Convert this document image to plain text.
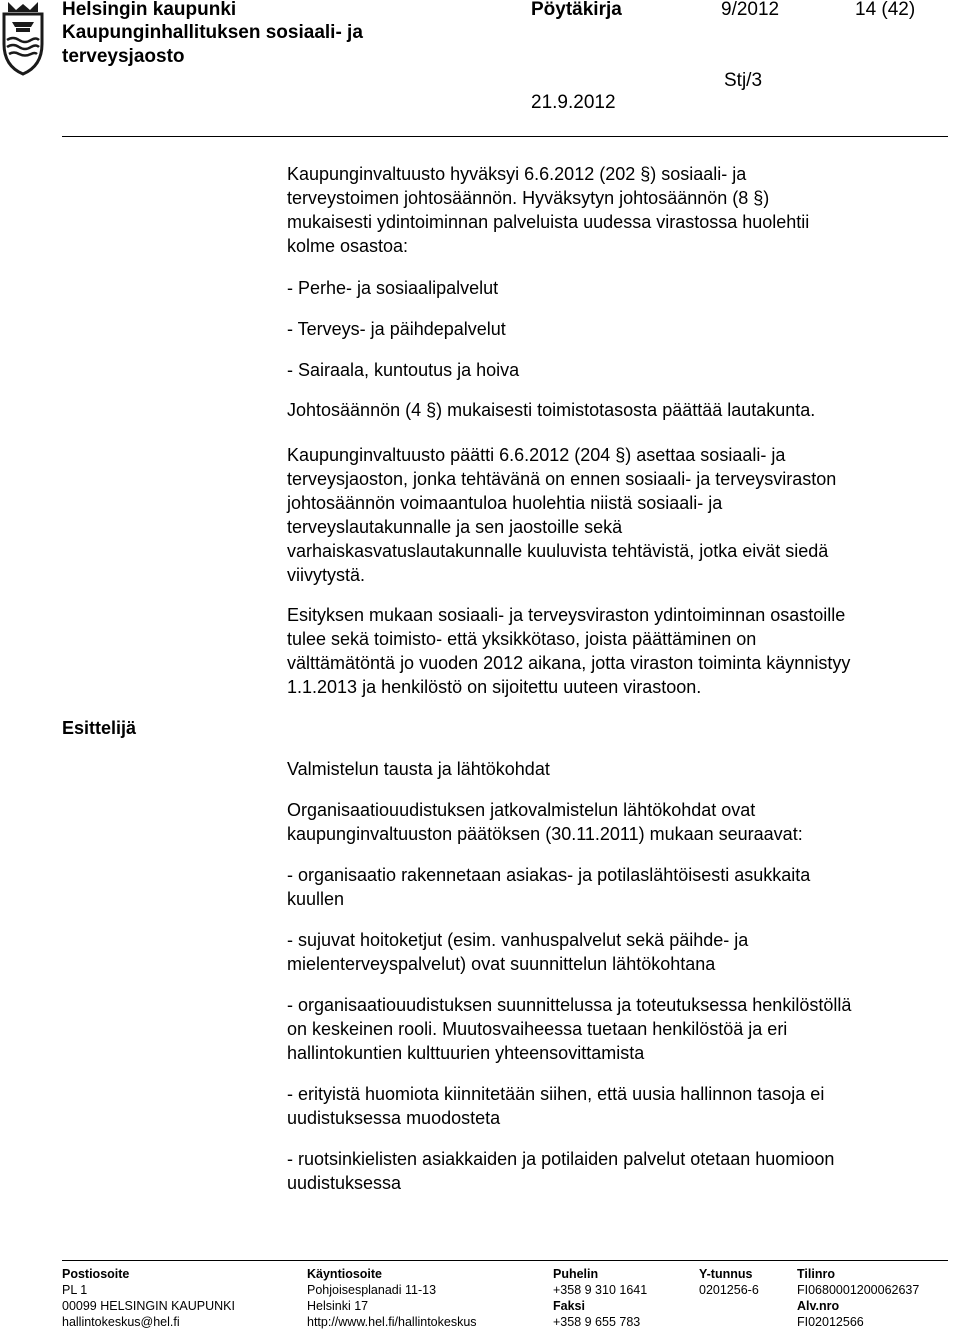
Helsingin kaupunki
Kaupunginhallituksen sosiaali- ja
terveysjaosto
Pöytäkirja	9/2012	14 (42)
Stj/3
21.9.2012
Esittelijä
Kaupunginvaltuusto hyväksyi 6.6.2012 (202 §) sosiaali- ja
terveystoimen johtosäännön. Hyväksytyn johtosäännön (8 §)
mukaisesti ydintoiminnan palveluista uudessa virastossa huolehtii
kolme osastoa:
- Perhe- ja sosiaalipalvelut
- Terveys- ja päihdepalvelut
- Sairaala, kuntoutus ja hoiva
Johtosäännön (4 §) mukaisesti toimistotasosta päättää lautakunta.
Kaupunginvaltuusto päätti 6.6.2012 (204 §) asettaa sosiaali- ja
terveysjaoston, jonka tehtävänä on ennen sosiaali- ja terveysviraston
johtosäännön voimaantuloa huolehtia niistä sosiaali- ja
terveyslautakunnalle ja sen jaostoille sekä
varhaiskasvatuslautakunnalle kuuluvista tehtävistä, jotka eivät siedä
viivytystä.
Esityksen mukaan sosiaali- ja terveysviraston ydintoiminnan osastoille
tulee sekä toimisto- että yksikkötaso, joista päättäminen on
välttämätöntä jo vuoden 2012 aikana, jotta viraston toiminta käynnistyy
1.1.2013 ja henkilöstö on sijoitettu uuteen virastoon.
Valmistelun tausta ja lähtökohdat
Organisaatiouudistuksen jatkovalmistelun lähtökohdat ovat
kaupunginvaltuuston päätöksen (30.11.2011) mukaan seuraavat:
- organisaatio rakennetaan asiakas- ja potilaslähtöisesti asukkaita
kuullen
- sujuvat hoitoketjut (esim. vanhuspalvelut sekä päihde- ja
mielenterveyspalvelut) ovat suunnittelun lähtökohtana
- organisaatiouudistuksen suunnittelussa ja toteutuksessa henkilöstöllä
on keskeinen rooli. Muutosvaiheessa tuetaan henkilöstöä ja eri
hallintokuntien kulttuurien yhteensovittamista
- erityistä huomiota kiinnitetään siihen, että uusia hallinnon tasoja ei
uudistuksessa muodosteta
- ruotsinkielisten asiakkaiden ja potilaiden palvelut otetaan huomioon
uudistuksessa
Postiosoite
PL 1
00099 HELSINGIN KAUPUNKI
hallintokeskus@hel.fi
Käyntiosoite
Pohjoisesplanadi 11-13
Helsinki 17
http://www.hel.fi/hallintokeskus
Puhelin
+358 9 310 1641
Faksi
+358 9 655 783
Y-tunnus
0201256-6
Tilinro
FI0680001200062637
Alv.nro
FI02012566
